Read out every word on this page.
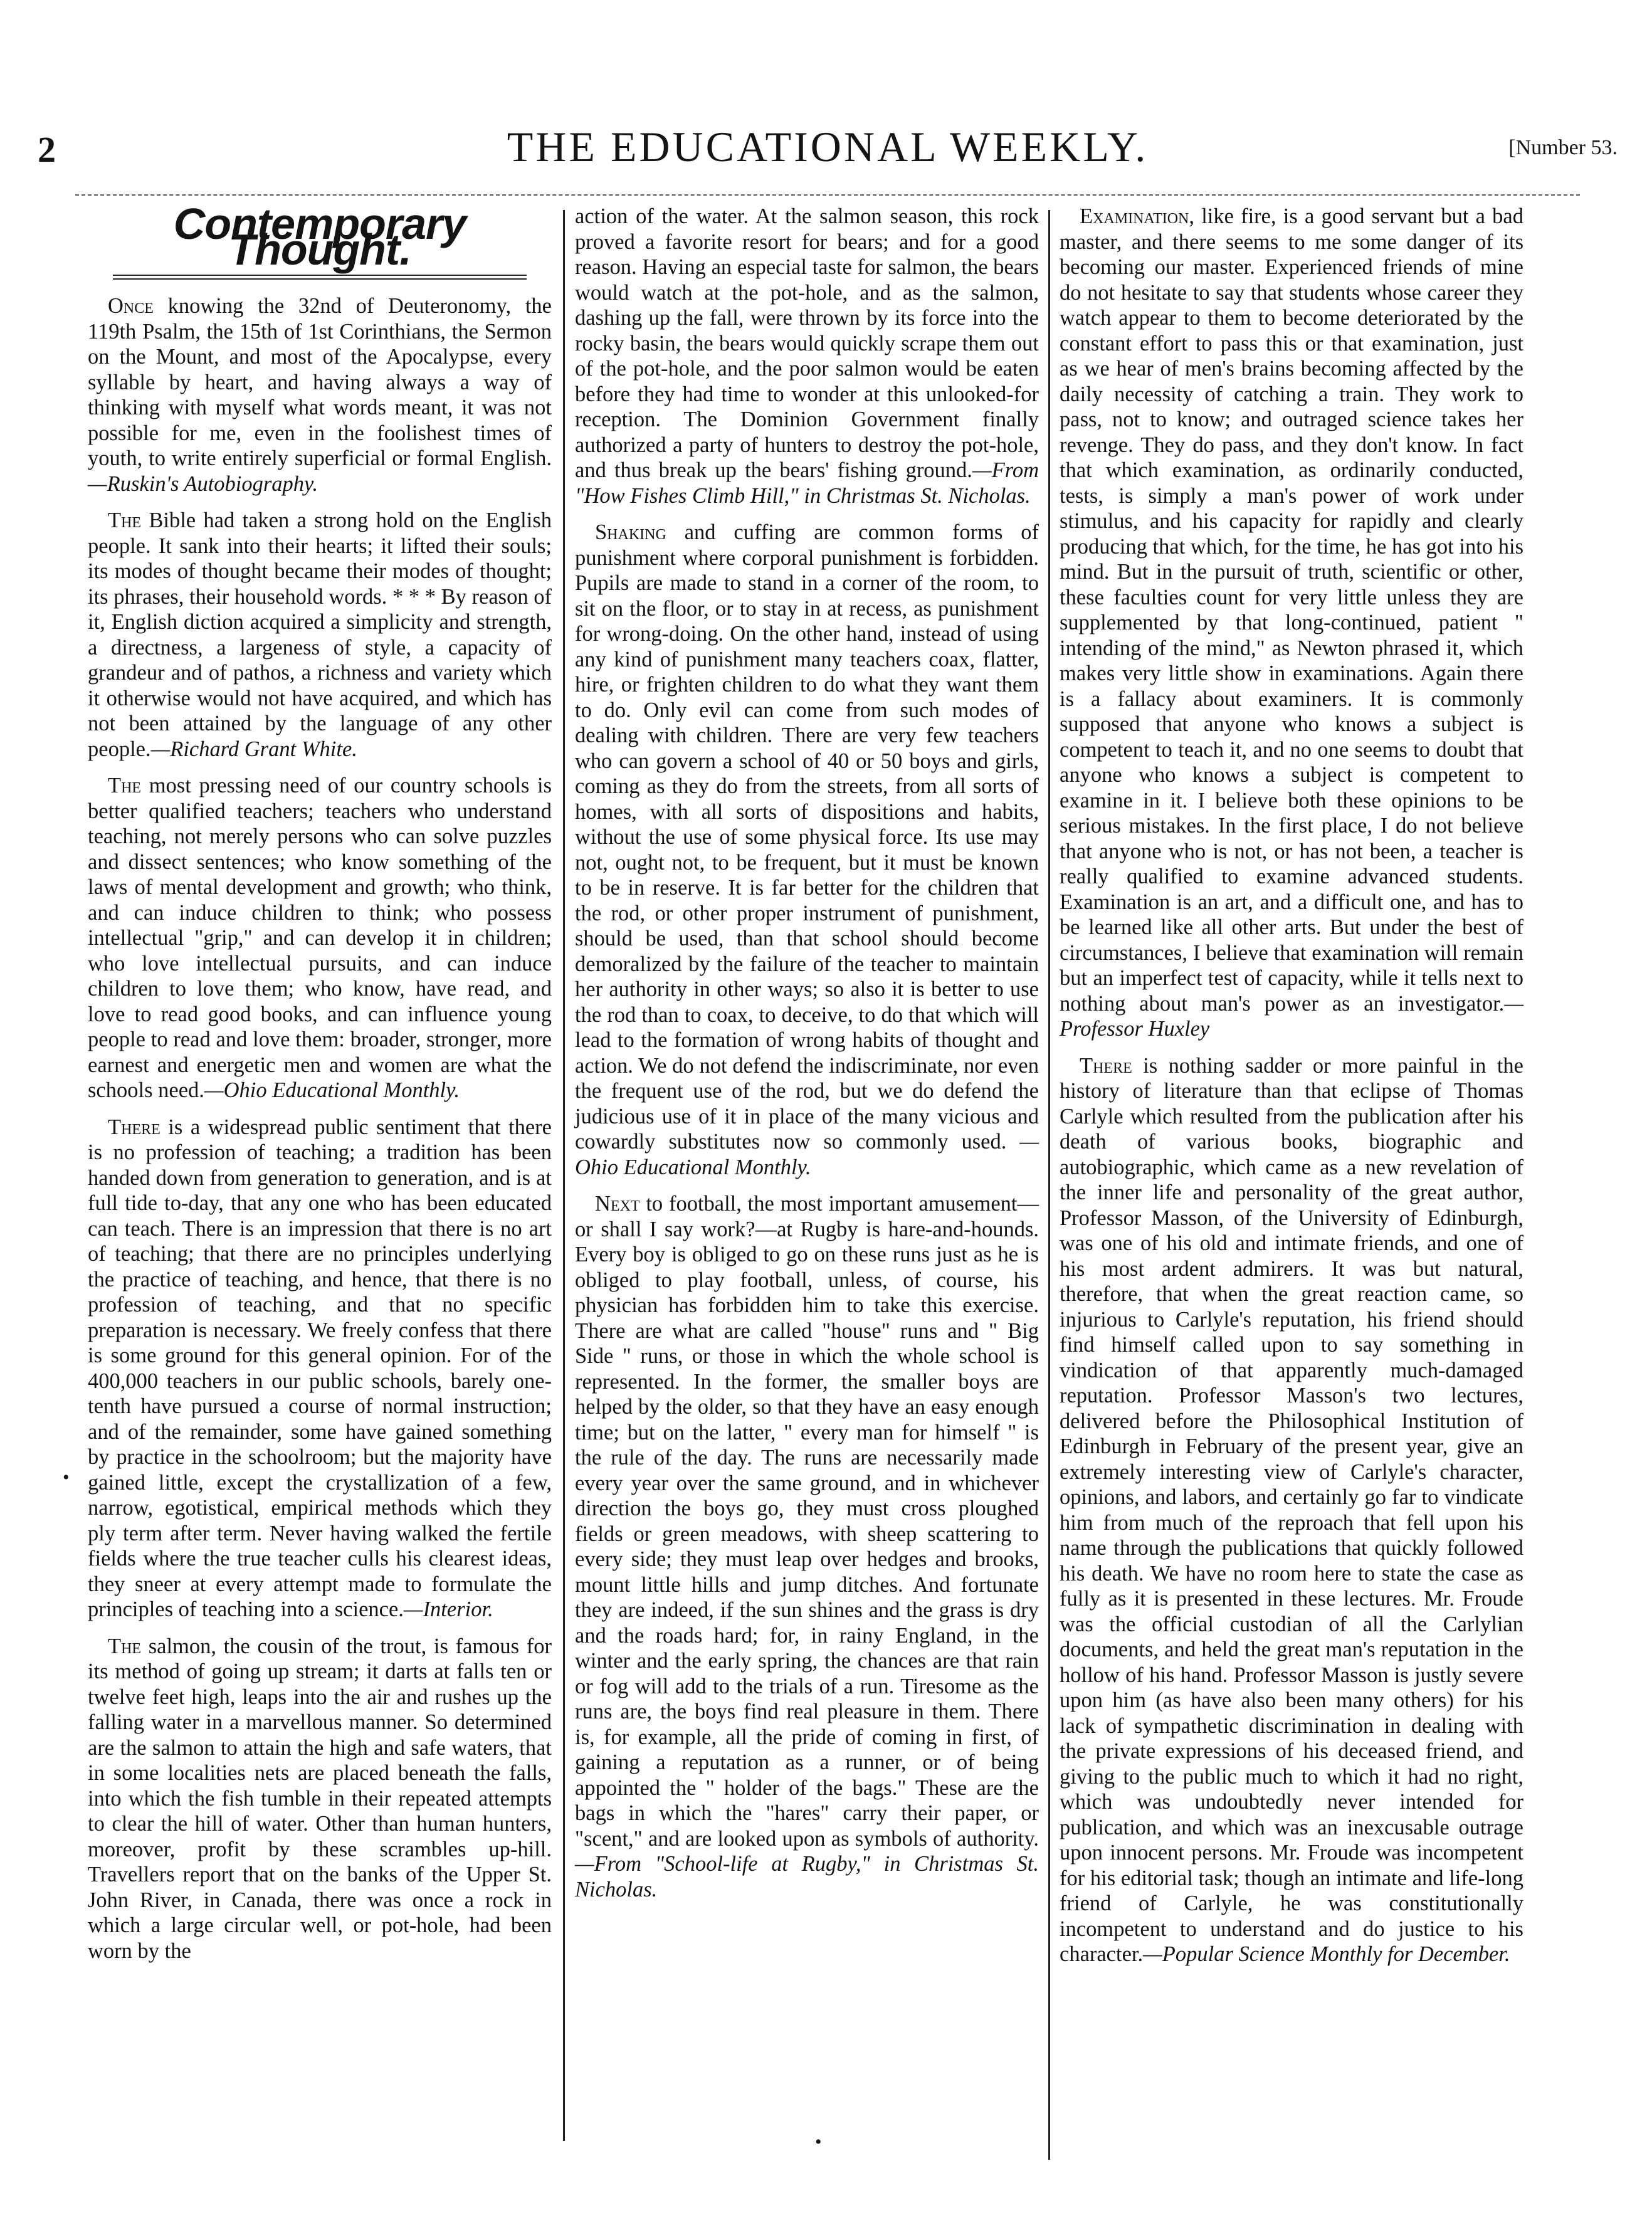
2	THE EDUCATIONAL WEEKLY.	[Number 53.
Contemporary Thought.

Once knowing the 32nd of Deuteronomy, the 119th Psalm, the 15th of 1st Corinthians, the Sermon on the Mount, and most of the Apocalypse, every syllable by heart, and having always a way of thinking with myself what words meant, it was not possible for me, even in the foolishest times of youth, to write entirely superficial or formal English.—Ruskin's Autobiography.

The Bible had taken a strong hold on the English people. It sank into their hearts; it lifted their souls; its modes of thought became their modes of thought; its phrases, their household words. * * * By reason of it, English diction acquired a simplicity and strength, a directness, a largeness of style, a capacity of grandeur and of pathos, a richness and variety which it otherwise would not have acquired, and which has not been attained by the language of any other people.—Richard Grant White.

The most pressing need of our country schools is better qualified teachers; teachers who understand teaching, not merely persons who can solve puzzles and dissect sentences; who know something of the laws of mental development and growth; who think, and can induce children to think; who possess intellectual "grip," and can develop it in children; who love intellectual pursuits, and can induce children to love them; who know, have read, and love to read good books, and can influence young people to read and love them: broader, stronger, more earnest and energetic men and women are what the schools need.—Ohio Educational Monthly.

There is a widespread public sentiment that there is no profession of teaching; a tradition has been handed down from generation to generation, and is at full tide to-day, that any one who has been educated can teach. There is an impression that there is no art of teaching; that there are no principles underlying the practice of teaching, and hence, that there is no profession of teaching, and that no specific preparation is necessary. We freely confess that there is some ground for this general opinion. For of the 400,000 teachers in our public schools, barely one-tenth have pursued a course of normal instruction; and of the remainder, some have gained something by practice in the schoolroom; but the majority have gained little, except the crystallization of a few, narrow, egotistical, empirical methods which they ply term after term. Never having walked the fertile fields where the true teacher culls his clearest ideas, they sneer at every attempt made to formulate the principles of teaching into a science.—Interior.

The salmon, the cousin of the trout, is famous for its method of going up stream; it darts at falls ten or twelve feet high, leaps into the air and rushes up the falling water in a marvellous manner. So determined are the salmon to attain the high and safe waters, that in some localities nets are placed beneath the falls, into which the fish tumble in their repeated attempts to clear the hill of water. Other than human hunters, moreover, profit by these scrambles up-hill. Travellers report that on the banks of the Upper St. John River, in Canada, there was once a rock in which a large circular well, or pot-hole, had been worn by the

action of the water. At the salmon season, this rock proved a favorite resort for bears; and for a good reason. Having an especial taste for salmon, the bears would watch at the pot-hole, and as the salmon, dashing up the fall, were thrown by its force into the rocky basin, the bears would quickly scrape them out of the pot-hole, and the poor salmon would be eaten before they had time to wonder at this unlooked-for reception. The Dominion Government finally authorized a party of hunters to destroy the pot-hole, and thus break up the bears' fishing ground.—From "How Fishes Climb Hill," in Christmas St. Nicholas.

Shaking and cuffing are common forms of punishment where corporal punishment is forbidden. Pupils are made to stand in a corner of the room, to sit on the floor, or to stay in at recess, as punishment for wrong-doing. On the other hand, instead of using any kind of punishment many teachers coax, flatter, hire, or frighten children to do what they want them to do. Only evil can come from such modes of dealing with children. There are very few teachers who can govern a school of 40 or 50 boys and girls, coming as they do from the streets, from all sorts of homes, with all sorts of dispositions and habits, without the use of some physical force. Its use may not, ought not, to be frequent, but it must be known to be in reserve. It is far better for the children that the rod, or other proper instrument of punishment, should be used, than that school should become demoralized by the failure of the teacher to maintain her authority in other ways; so also it is better to use the rod than to coax, to deceive, to do that which will lead to the formation of wrong habits of thought and action. We do not defend the indiscriminate, nor even the frequent use of the rod, but we do defend the judicious use of it in place of the many vicious and cowardly substitutes now so commonly used. — Ohio Educational Monthly.

Next to football, the most important amusement—or shall I say work?—at Rugby is hare-and-hounds. Every boy is obliged to go on these runs just as he is obliged to play football, unless, of course, his physician has forbidden him to take this exercise. There are what are called "house" runs and " Big Side " runs, or those in which the whole school is represented. In the former, the smaller boys are helped by the older, so that they have an easy enough time; but on the latter, " every man for himself " is the rule of the day. The runs are necessarily made every year over the same ground, and in whichever direction the boys go, they must cross ploughed fields or green meadows, with sheep scattering to every side; they must leap over hedges and brooks, mount little hills and jump ditches. And fortunate they are indeed, if the sun shines and the grass is dry and the roads hard; for, in rainy England, in the winter and the early spring, the chances are that rain or fog will add to the trials of a run. Tiresome as the runs are, the boys find real pleasure in them. There is, for example, all the pride of coming in first, of gaining a reputation as a runner, or of being appointed the " holder of the bags." These are the bags in which the "hares" carry their paper, or "scent," and are looked upon as symbols of authority.—From "School-life at Rugby," in Christmas St. Nicholas.

Examination, like fire, is a good servant but a bad master, and there seems to me some danger of its becoming our master. Experienced friends of mine do not hesitate to say that students whose career they watch appear to them to become deteriorated by the constant effort to pass this or that examination, just as we hear of men's brains becoming affected by the daily necessity of catching a train. They work to pass, not to know; and outraged science takes her revenge. They do pass, and they don't know. In fact that which examination, as ordinarily conducted, tests, is simply a man's power of work under stimulus, and his capacity for rapidly and clearly producing that which, for the time, he has got into his mind. But in the pursuit of truth, scientific or other, these faculties count for very little unless they are supplemented by that long-continued, patient " intending of the mind," as Newton phrased it, which makes very little show in examinations. Again there is a fallacy about examiners. It is commonly supposed that anyone who knows a subject is competent to teach it, and no one seems to doubt that anyone who knows a subject is competent to examine in it. I believe both these opinions to be serious mistakes. In the first place, I do not believe that anyone who is not, or has not been, a teacher is really qualified to examine advanced students. Examination is an art, and a difficult one, and has to be learned like all other arts. But under the best of circumstances, I believe that examination will remain but an imperfect test of capacity, while it tells next to nothing about man's power as an investigator.—Professor Huxley

There is nothing sadder or more painful in the history of literature than that eclipse of Thomas Carlyle which resulted from the publication after his death of various books, biographic and autobiographic, which came as a new revelation of the inner life and personality of the great author, Professor Masson, of the University of Edinburgh, was one of his old and intimate friends, and one of his most ardent admirers. It was but natural, therefore, that when the great reaction came, so injurious to Carlyle's reputation, his friend should find himself called upon to say something in vindication of that apparently much-damaged reputation. Professor Masson's two lectures, delivered before the Philosophical Institution of Edinburgh in February of the present year, give an extremely interesting view of Carlyle's character, opinions, and labors, and certainly go far to vindicate him from much of the reproach that fell upon his name through the publications that quickly followed his death. We have no room here to state the case as fully as it is presented in these lectures. Mr. Froude was the official custodian of all the Carlylian documents, and held the great man's reputation in the hollow of his hand. Professor Masson is justly severe upon him (as have also been many others) for his lack of sympathetic discrimination in dealing with the private expressions of his deceased friend, and giving to the public much to which it had no right, which was undoubtedly never intended for publication, and which was an inexcusable outrage upon innocent persons. Mr. Froude was incompetent for his editorial task; though an intimate and life-long friend of Carlyle, he was constitutionally incompetent to understand and do justice to his character.—Popular Science Monthly for December.

•
•
